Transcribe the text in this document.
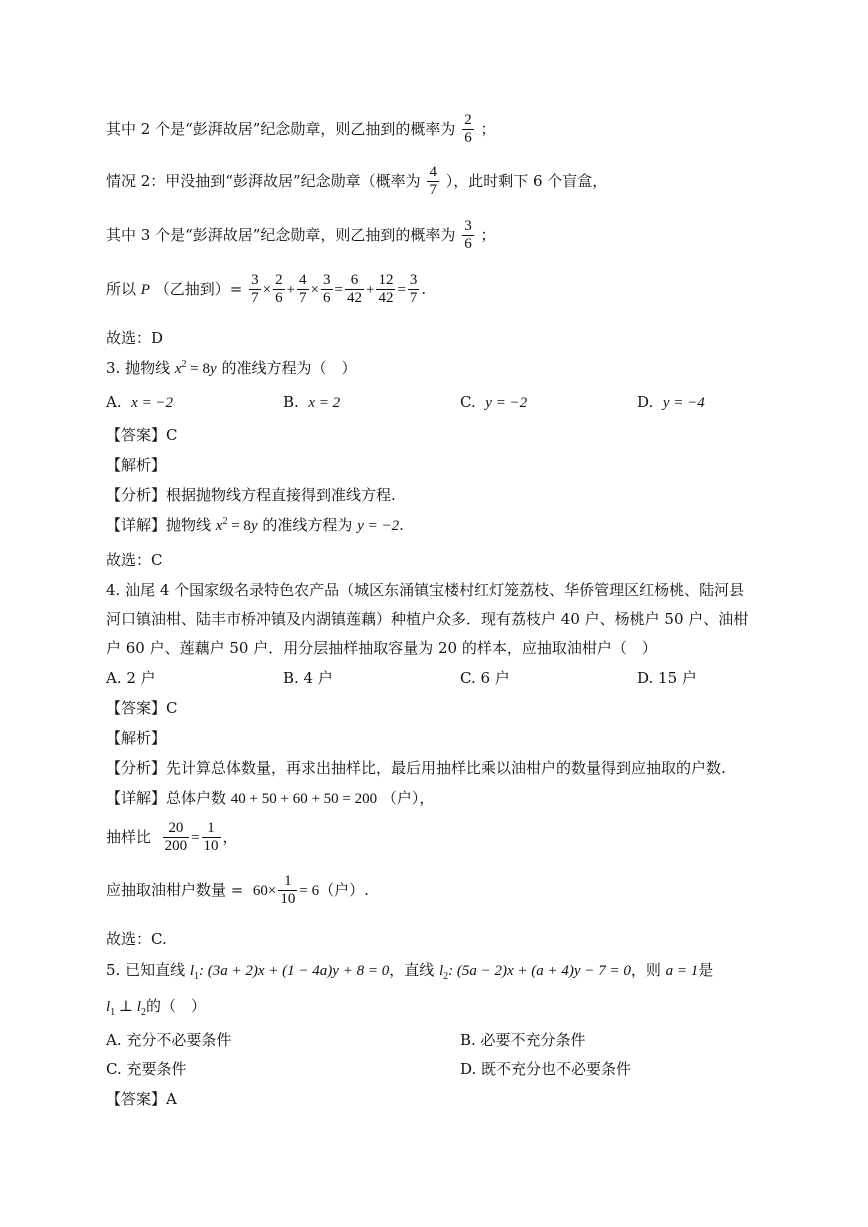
其中 2 个是“彭湃故居”纪念勋章，则乙抽到的概率为 $\frac{2}{6}$ ；
情况 2：甲没抽到“彭湃故居”纪念勋章（概率为 $\frac{4}{7}$ ），此时剩下 6 个盲盒，
其中 3 个是“彭湃故居”纪念勋章，则乙抽到的概率为 $\frac{3}{6}$ ；
所以 P （乙抽到）= $\frac{3}{7} \times \frac{2}{6} + \frac{4}{7} \times \frac{3}{6} = \frac{6}{42} + \frac{12}{42} = \frac{3}{7}$ .
故选：D
3. 抛物线 $x^2 = 8y$ 的准线方程为（　）
A. x = −2	B. x = 2	C. y = −2	D. y = −4
【答案】C
【解析】
【分析】根据抛物线方程直接得到准线方程.
【详解】抛物线 $x^2 = 8y$ 的准线方程为 y = −2.
故选：C
4. 汕尾 4 个国家级名录特色农产品（城区东涌镇宝楼村红灯笼荔枝、华侨管理区红杨桃、陆河县
河口镇油柑、陆丰市桥冲镇及内湖镇莲藕）种植户众多．现有荔枝户 40 户、杨桃户 50 户、油柑
户 60 户、莲藕户 50 户．用分层抽样抽取容量为 20 的样本，应抽取油柑户（　）
A. 2 户	B. 4 户	C. 6 户	D. 15 户
【答案】C
【解析】
【分析】先计算总体数量，再求出抽样比，最后用抽样比乘以油柑户的数量得到应抽取的户数.
【详解】总体户数 40 + 50 + 60 + 50 = 200 （户），
抽样比 $\frac{20}{200} = \frac{1}{10}$ ，
应抽取油柑户数量 = $60\times \frac{1}{10} = 6$（户）.
故选：C.
5. 已知直线 $l_1$: (3a + 2)x + (1 − 4a)y + 8 = 0，直线 $l_2$: (5a − 2)x + (a + 4)y − 7 = 0，则 a = 1是
$l_1$ ⊥ $l_2$的（　）
A. 充分不必要条件	B. 必要不充分条件
C. 充要条件	D. 既不充分也不必要条件
【答案】A
